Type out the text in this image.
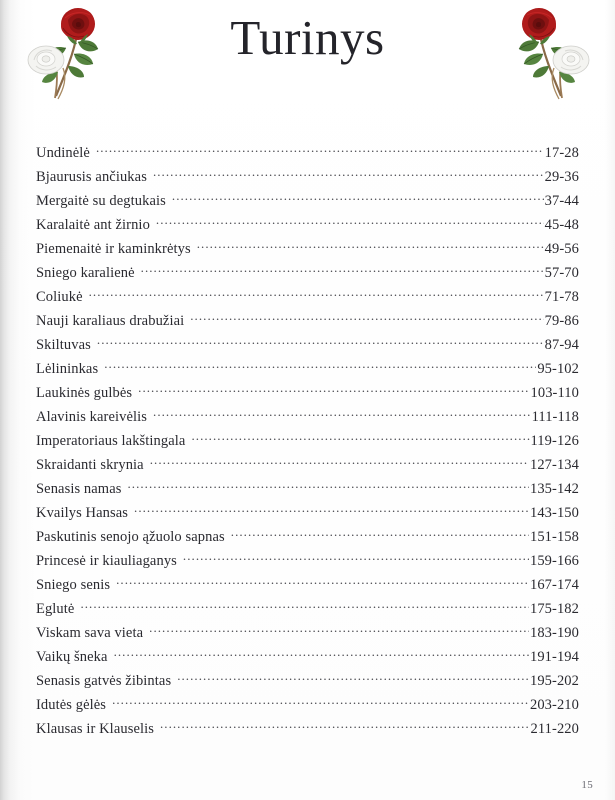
Turinys
Undinėlė . . .	17-28
Bjaurusis ančiukas . . .	29-36
Mergaitė su degtukais . . .	37-44
Karalaitė ant žirnio . . .	45-48
Piemenaitė ir kaminkrėtys . . .	49-56
Sniego karalienė . . .	57-70
Coliukė . . .	71-78
Nauji karaliaus drabužiai . . .	79-86
Skiltuvas . . .	87-94
Lėlininkas . . .	95-102
Laukinės gulbės . . .	103-110
Alavinis kareivėlis . . .	111-118
Imperatoriaus lakštingala . . .	119-126
Skraidanti skrynia . . .	127-134
Senasis namas . . .	135-142
Kvailys Hansas . . .	143-150
Paskutinis senojo ąžuolo sapnas . . .	151-158
Princesė ir kiauliaganys . . .	159-166
Sniego senis . . .	167-174
Eglutė . . .	175-182
Viskam sava vieta . . .	183-190
Vaikų šneka . . .	191-194
Senasis gatvės žibintas . . .	195-202
Idutės gėlės . . .	203-210
Klausas ir Klauselis . . .	211-220
15
